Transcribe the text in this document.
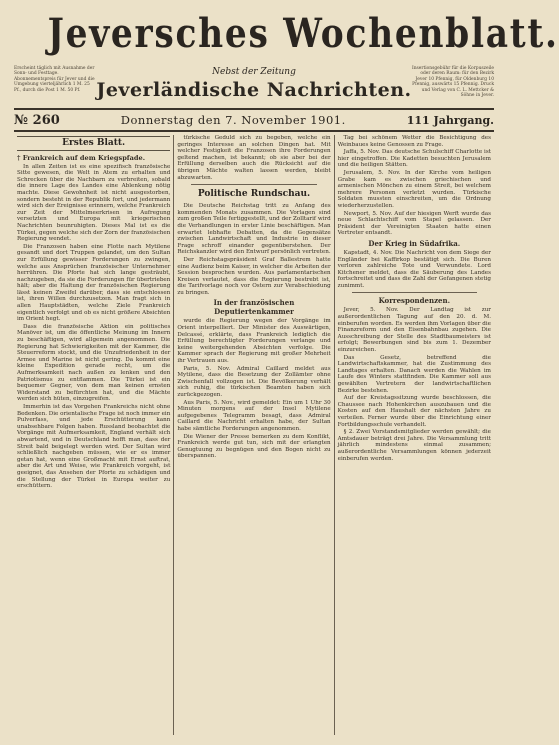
Jeversches Wochenblatt.
Erscheint täglich mit Ausnahme der Sonn- und Festtage. Abonnementspreis für Jever und die Umgebung vierteljährlich 1 M. 25 Pf., durch die Post 1 M. 50 Pf.
Nebst der Zeitung
Jeverländische Nachrichten.
Insertionsgebühr für die Korpuszeile oder deren Raum: für den Bezirk Jever 10 Pfennig, für Oldenburg 10 Pfennig, auswärts 15 Pfennig. Druck und Verlag von C. L. Mettcker & Söhne in Jever.
№ 260	Donnerstag den 7. November 1901.	111 Jahrgang.
Erstes Blatt.
† Frankreich auf dem Kriegspfade.

In allen Zeiten ist es eine spezifisch französische Sitte gewesen, die Welt in Atem zu erhalten und Schrecken über die Nachbarn zu verbreiten, sobald die innere Lage des Landes eine Ablenkung nötig machte. Diese Gewohnheit ist nicht ausgestorben, sondern besteht in der Republik fort, und jedermann wird sich der Ereignisse erinnern, welche Frankreich zur Zeit der Mittelmeerkrisen in Aufregung versetzten und Europa mit kriegerischen Nachrichten beunruhigten. Dieses Mal ist es die Türkei, gegen welche sich der Zorn der französischen Regierung wendet.

Die Franzosen haben eine Flotte nach Mytilene gesandt und dort Truppen gelandet, um den Sultan zur Erfüllung gewisser Forderungen zu zwingen, welche aus Ansprüchen französischer Unternehmer herrühren. Die Pforte hat sich lange gesträubt, nachzugeben, da sie die Forderungen für übertrieben hält; aber die Haltung der französischen Regierung lässt keinen Zweifel darüber, dass sie entschlossen ist, ihren Willen durchzusetzen. Man fragt sich in allen Hauptstädten, welche Ziele Frankreich eigentlich verfolgt und ob es nicht größere Absichten im Orient hegt.

Dass die französische Aktion ein politisches Manöver ist, um die öffentliche Meinung im Innern zu beschäftigen, wird allgemein angenommen. Die Regierung hat Schwierigkeiten mit der Kammer, die Steuerreform stockt, und die Unzufriedenheit in der Armee und Marine ist nicht gering. Da kommt eine kleine Expedition gerade recht, um die Aufmerksamkeit nach außen zu lenken und den Patriotismus zu entflammen. Die Türkei ist ein bequemer Gegner, von dem man keinen ernsten Widerstand zu befürchten hat, und die Mächte werden sich hüten, einzugreifen.

Immerhin ist das Vorgehen Frankreichs nicht ohne Bedenken. Die orientalische Frage ist noch immer ein Pulverfass, und jede Erschütterung kann unabsehbare Folgen haben. Russland beobachtet die Vorgänge mit Aufmerksamkeit, England verhält sich abwartend, und in Deutschland hofft man, dass der Streit bald beigelegt werden wird. Der Sultan wird schließlich nachgeben müssen, wie er es immer getan hat, wenn eine Großmacht mit Ernst auftrat, aber die Art und Weise, wie Frankreich vorgeht, ist geeignet, das Ansehen der Pforte zu schädigen und die Stellung der Türkei in Europa weiter zu erschüttern.

türkische Geduld sich zu begeben, welche ein geringes Interesse an solchen Dingen hat. Mit welcher Festigkeit die Franzosen ihre Forderungen geltend machen, ist bekannt; ob sie aber bei der Erfüllung derselben auch die Rücksicht auf die übrigen Mächte walten lassen werden, bleibt abzuwarten.

Politische Rundschau.

Die Deutsche Reichstag tritt zu Anfang des kommenden Monats zusammen. Die Vorlagen sind zum großen Teile fertiggestellt, und der Zolltarif wird die Verhandlungen in erster Linie beschäftigen. Man erwartet lebhafte Debatten, da die Gegensätze zwischen Landwirtschaft und Industrie in dieser Frage schroff einander gegenüberstehen. Der Reichskanzler wird den Entwurf persönlich vertreten.

Der Reichstagspräsident Graf Ballestrem hatte eine Audienz beim Kaiser, in welcher die Arbeiten der Session besprochen wurden. Aus parlamentarischen Kreisen verlautet, dass die Regierung bestrebt ist, die Tarifvorlage noch vor Ostern zur Verabschiedung zu bringen.

In der französischen Deputiertenkammer

wurde die Regierung wegen der Vorgänge im Orient interpelliert. Der Minister des Auswärtigen, Delcassé, erklärte, dass Frankreich lediglich die Erfüllung berechtigter Forderungen verlange und keine weitergehenden Absichten verfolge. Die Kammer sprach der Regierung mit großer Mehrheit ihr Vertrauen aus.

Paris, 5. Nov. Admiral Caillard meldet aus Mytilene, dass die Besetzung der Zollämter ohne Zwischenfall vollzogen ist. Die Bevölkerung verhält sich ruhig, die türkischen Beamten haben sich zurückgezogen.

Aus Paris, 5. Nov., wird gemeldet: Ein um 1 Uhr 30 Minuten morgens auf der Insel Mytilene aufgegebenes Telegramm besagt, dass Admiral Caillard die Nachricht erhalten habe, der Sultan habe sämtliche Forderungen angenommen.

Die Wiener der Presse bemerken zu dem Konflikt, Frankreich werde gut tun, sich mit der erlangten Genugtuung zu begnügen und den Bogen nicht zu überspannen.

Tag bei schönem Wetter die Besichtigung des Weinbaues keine Genossen zu Frage.

Jaffa, 5. Nov. Das deutsche Schulschiff Charlotte ist hier eingetroffen. Die Kadetten besuchten Jerusalem und die heiligen Stätten.

Jerusalem, 5. Nov. In der Kirche vom heiligen Grabe kam es zwischen griechischen und armenischen Mönchen zu einem Streit, bei welchem mehrere Personen verletzt wurden. Türkische Soldaten mussten einschreiten, um die Ordnung wiederherzustellen.

Newport, 5. Nov. Auf der hiesigen Werft wurde das neue Schlachtschiff vom Stapel gelassen. Der Präsident der Vereinigten Staaten hatte einen Vertreter entsandt.

Der Krieg in Südafrika.

Kapstadt, 4. Nov. Die Nachricht von dem Siege der Engländer bei Kaffirkop bestätigt sich. Die Buren verloren zahlreiche Tote und Verwundete. Lord Kitchener meldet, dass die Säuberung des Landes fortschreitet und dass die Zahl der Gefangenen stetig zunimmt.

Korrespondenzen.

Jever, 5. Nov. Der Landtag ist zur außerordentlichen Tagung auf den 20. d. M. einberufen worden. Es werden ihm Vorlagen über die Finanzreform und den Eisenbahnbau zugehen. Die Ausschreibung der Stelle des Stadtbaumeisters ist erfolgt; Bewerbungen sind bis zum 1. Dezember einzureichen.

Das Gesetz, betreffend die Landwirtschaftskammer, hat die Zustimmung des Landtages erhalten. Danach werden die Wahlen im Laufe des Winters stattfinden. Die Kammer soll aus gewählten Vertretern der landwirtschaftlichen Bezirke bestehen.

Auf der Kreistagssitzung wurde beschlossen, die Chaussee nach Hohenkirchen auszubauen und die Kosten auf den Haushalt der nächsten Jahre zu verteilen. Ferner wurde über die Einrichtung einer Fortbildungsschule verhandelt.

§ 2. Zwei Vorstandsmitglieder werden gewählt; die Amtsdauer beträgt drei Jahre. Die Versammlung tritt jährlich mindestens einmal zusammen; außerordentliche Versammlungen können jederzeit einberufen werden.
